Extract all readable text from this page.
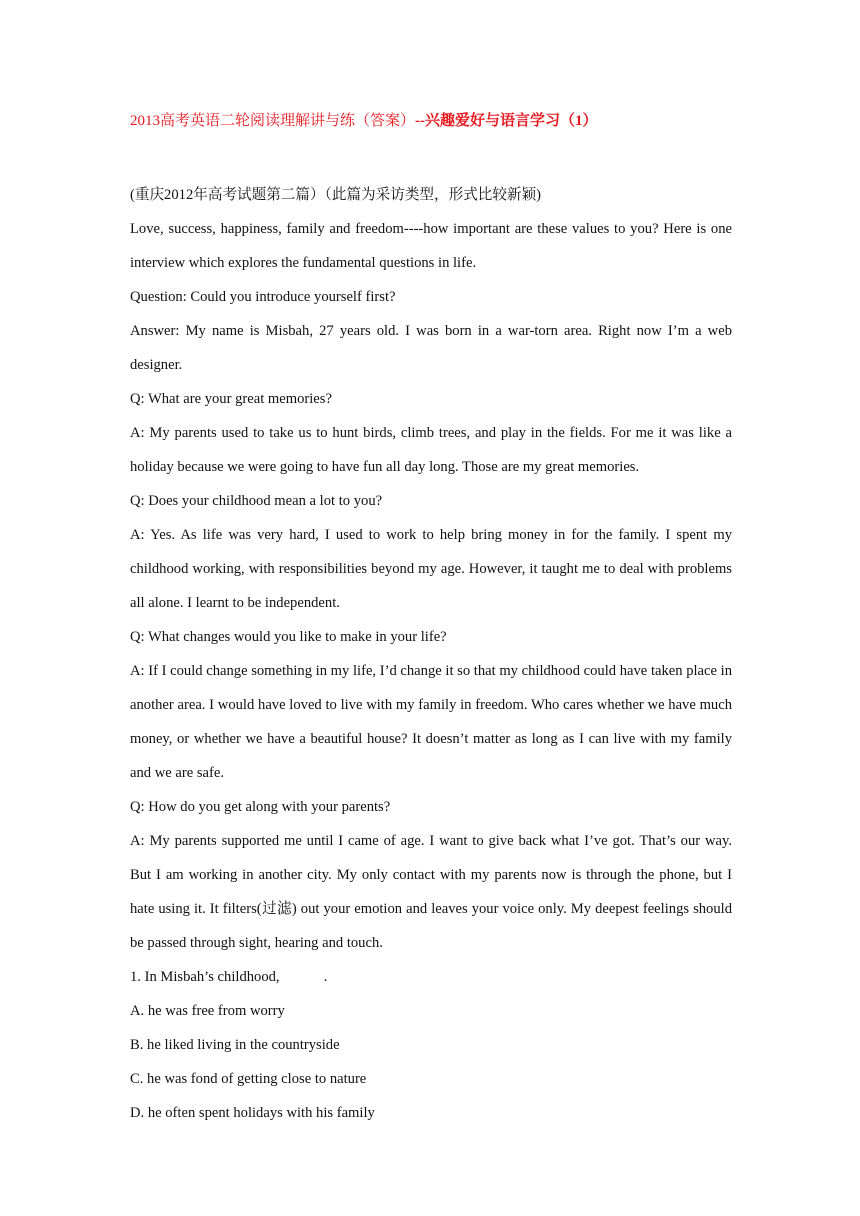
2013高考英语二轮阅读理解讲与练（答案）--兴趣爱好与语言学习（1）

(重庆2012年高考试题第二篇）（此篇为采访类型，形式比较新颖)

Love, success, happiness, family and freedom----how important are these values to you? Here is one interview which explores the fundamental questions in life.

Question: Could you introduce yourself first?

Answer: My name is Misbah, 27 years old. I was born in a war-torn area. Right now I’m a web designer.

Q: What are your great memories?

A: My parents used to take us to hunt birds, climb trees, and play in the fields. For me it was like a holiday because we were going to have fun all day long. Those are my great memories.

Q: Does your childhood mean a lot to you?

A: Yes. As life was very hard, I used to work to help bring money in for the family. I spent my childhood working, with responsibilities beyond my age. However, it taught me to deal with problems all alone. I learnt to be independent.

Q: What changes would you like to make in your life?

A: If I could change something in my life, I’d change it so that my childhood could have taken place in another area. I would have loved to live with my family in freedom. Who cares whether we have much money, or whether we have a beautiful house? It doesn’t matter as long as I can live with my family and we are safe.

Q: How do you get along with your parents?

A: My parents supported me until I came of age. I want to give back what I’ve got. That’s our way. But I am working in another city. My only contact with my parents now is through the phone, but I hate using it. It filters(过滤) out your emotion and leaves your voice only. My deepest feelings should be passed through sight, hearing and touch.

1. In Misbah’s childhood,	.

A. he was free from worry

B. he liked living in the countryside

C. he was fond of getting close to nature

D. he often spent holidays with his family
